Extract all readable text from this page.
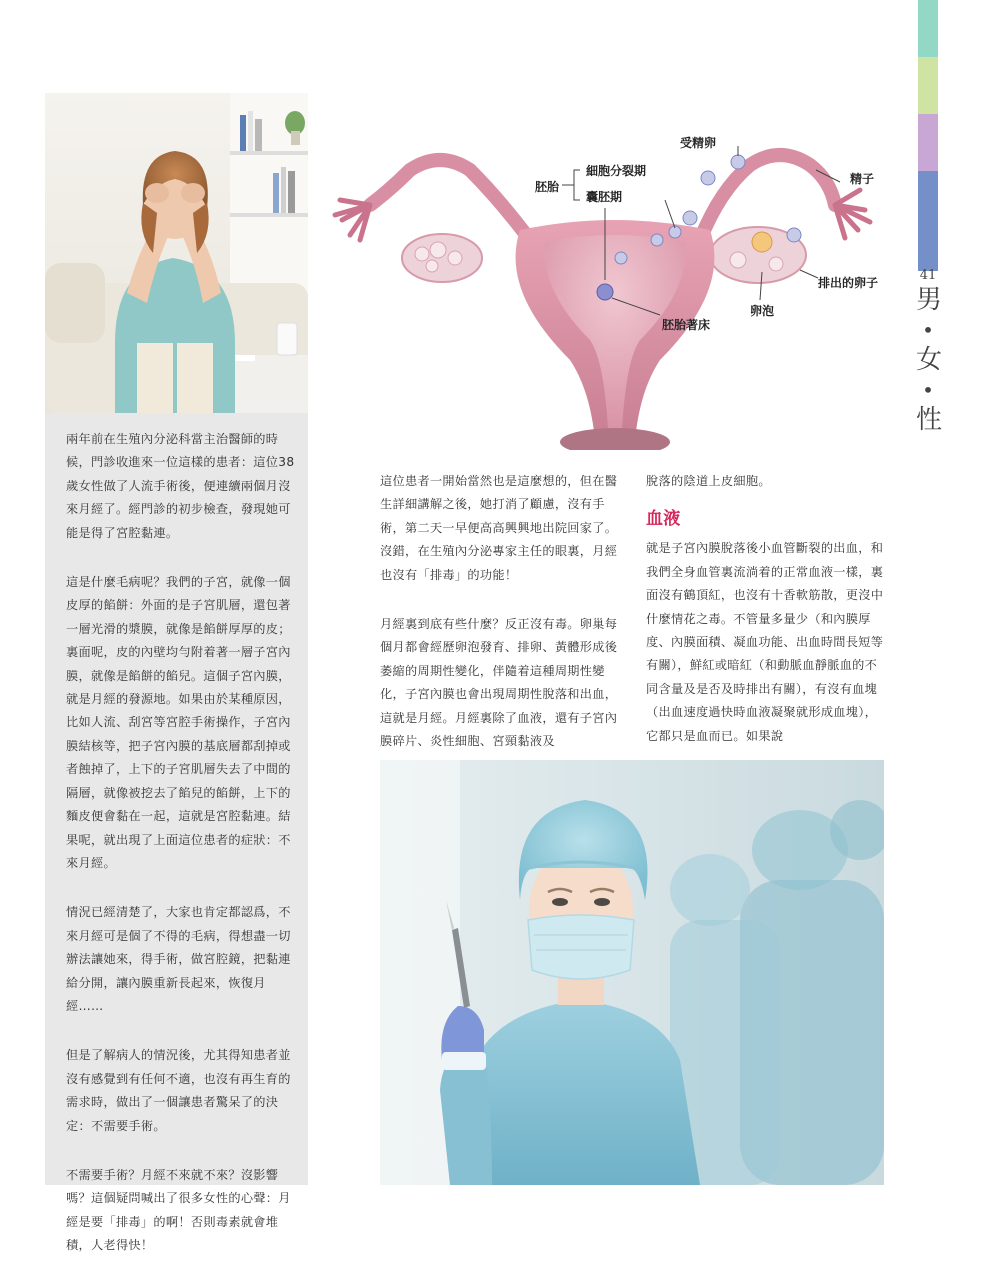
41
男
•
女
•
性

兩年前在生殖內分泌科當主治醫師的時候，門診收進來一位這樣的患者：這位38歲女性做了人流手術後，便連續兩個月沒來月經了。經門診的初步檢查，發現她可能是得了宮腔黏連。

這是什麼毛病呢？我們的子宮，就像一個皮厚的餡餅：外面的是子宮肌層，還包著一層光滑的漿膜，就像是餡餅厚厚的皮；裏面呢，皮的內壁均勻附着著一層子宮內膜，就像是餡餅的餡兒。這個子宮內膜，就是月經的發源地。如果由於某種原因，比如人流、刮宮等宮腔手術操作，子宮內膜結核等，把子宮內膜的基底層都刮掉或者蝕掉了，上下的子宮肌層失去了中間的隔層，就像被挖去了餡兒的餡餅，上下的麵皮便會黏在一起，這就是宮腔黏連。結果呢，就出現了上面這位患者的症狀：不來月經。

情況已經清楚了，大家也肯定都認爲，不來月經可是個了不得的毛病，得想盡一切辦法讓她來，得手術，做宮腔鏡，把黏連給分開，讓內膜重新長起來，恢復月經……

但是了解病人的情況後，尤其得知患者並沒有感覺到有任何不適，也沒有再生育的需求時，做出了一個讓患者驚呆了的決定：不需要手術。

不需要手術？月經不來就不來？沒影響嗎？這個疑問喊出了很多女性的心聲：月經是要「排毒」的啊！否則毒素就會堆積，人老得快！

受精卵
細胞分裂期
胚胎
囊胚期
精子
排出的卵子
卵泡
胚胎著床

這位患者一開始當然也是這麼想的，但在醫生詳細講解之後，她打消了顧慮，沒有手術，第二天一早便高高興興地出院回家了。沒錯，在生殖內分泌專家主任的眼裏，月經也沒有「排毒」的功能！

月經裏到底有些什麼？反正沒有毒。卵巢每個月都會經歷卵泡發育、排卵、黃體形成後萎縮的周期性變化，伴隨着這種周期性變化，子宮內膜也會出現周期性脫落和出血，這就是月經。月經裏除了血液，還有子宮內膜碎片、炎性細胞、宮頸黏液及

脫落的陰道上皮細胞。

血液

就是子宮內膜脫落後小血管斷裂的出血，和我們全身血管裏流淌着的正常血液一樣，裏面沒有鶴頂紅，也沒有十香軟筋散，更沒中什麼情花之毒。不管量多量少（和內膜厚度、內膜面積、凝血功能、出血時間長短等有關），鮮紅或暗紅（和動脈血靜脈血的不同含量及是否及時排出有關），有沒有血塊（出血速度過快時血液凝聚就形成血塊），它都只是血而已。如果說
